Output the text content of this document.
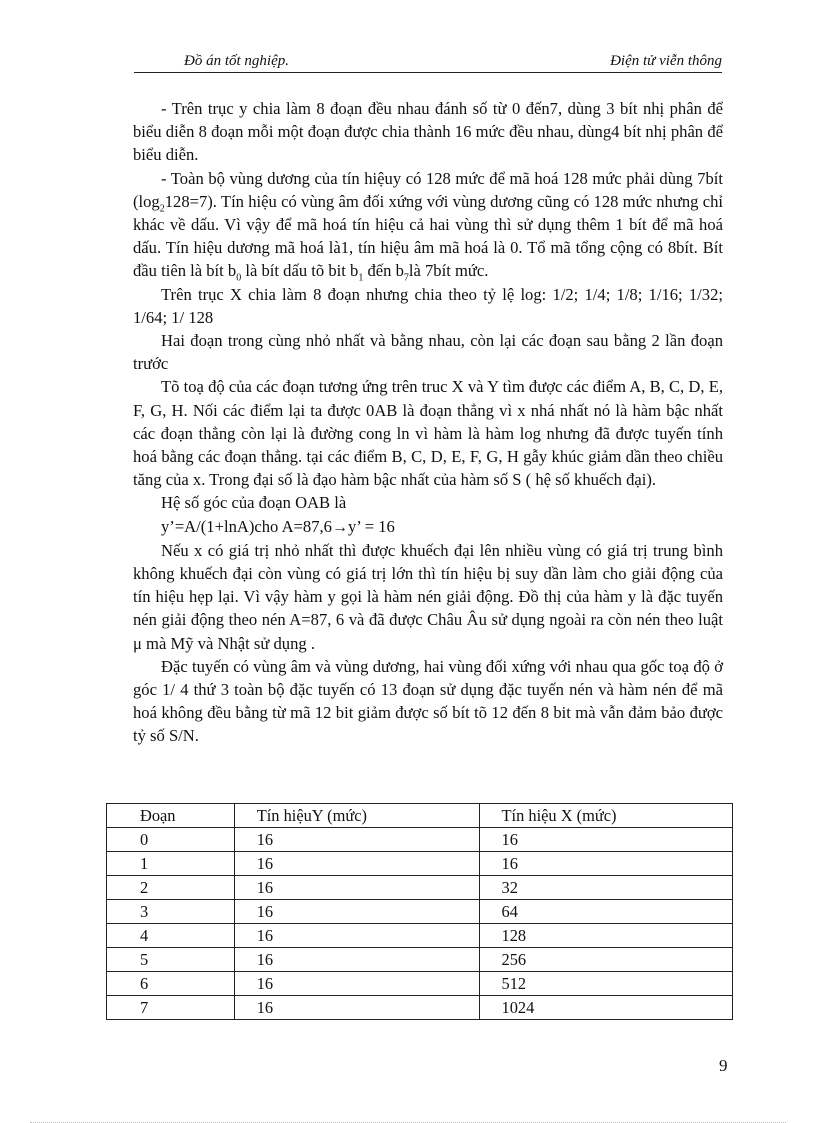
Đồ án tốt nghiệp.	Điện tử viễn thông

- Trên trục y chia làm 8 đoạn đều nhau đánh số từ 0 đến7, dùng 3 bít nhị phân để biểu diễn 8 đoạn mỗi một đoạn được chia thành 16 mức đều nhau, dùng4 bít nhị phân để biểu diễn.

- Toàn bộ vùng dương của tín hiệuy có 128 mức để mã hoá 128 mức phải dùng 7bít $(\log_2128=7)$. Tín hiệu có vùng âm đối xứng với vùng dương cũng có 128 mức nhưng chỉ khác về dấu. Vì vậy để mã hoá tín hiệu cả hai vùng thì sử dụng thêm 1 bít để mã hoá dấu. Tín hiệu dương mã hoá là1, tín hiệu âm mã hoá là 0. Tổ mã tổng cộng có 8bít. Bít đầu tiên là bít $b_0$ là bít dấu tõ bit $b_1$ đến $b_7là$ 7bít mức.

Trên trục X chia làm 8 đoạn nhưng chia theo tỷ lệ log: 1/2; 1/4; 1/8; 1/16; 1/32; 1/64; 1/ 128

Hai đoạn trong cùng nhỏ nhất và bằng nhau, còn lại các đoạn sau bằng 2 lần đoạn trước

Tõ toạ độ của các đoạn tương ứng trên truc X và Y tìm được các điểm A, B, C, D, E, F, G, H. Nối các điểm lại ta được 0AB là đoạn thẳng vì x nhá nhất nó là hàm bậc nhất các đoạn thẳng còn lại là đường cong ln vì hàm là hàm log nhưng đã được tuyến tính hoá bằng các đoạn thẳng. tại các điểm B, C, D, E, F, G, H gẫy khúc giảm dần theo chiều tăng của x. Trong đại số là đạo hàm bậc nhất của hàm số S ( hệ số khuếch đại).

Hệ số góc của đoạn OAB là

y’=A/(1+lnA)cho A=87,6→y’ = 16

Nếu x có giá trị nhỏ nhất thì được khuếch đại lên nhiều vùng có giá trị trung bình không khuếch đại còn vùng có giá trị lớn thì tín hiệu bị suy dần làm cho giải động của tín hiệu hẹp lại. Vì vậy hàm y gọi là hàm nén giải động. Đồ thị của hàm y là đặc tuyến nén giải động theo nén A=87, 6 và đã được Châu Âu sử dụng ngoài ra còn nén theo luật μ mà Mỹ và Nhật sử dụng .

Đặc tuyến có vùng âm và vùng dương, hai vùng đối xứng với nhau qua gốc toạ độ ở góc 1/ 4 thứ 3 toàn bộ đặc tuyến có 13 đoạn sử dụng đặc tuyến nén và hàm nén để mã hoá không đều bằng từ mã 12 bit giảm được số bít tõ 12 đến 8 bit mà vẫn đảm bảo được tỷ số S/N.

Đoạn	Tín hiệuY (mức)	Tín hiệu X (mức)
0	16	16
1	16	16
2	16	32
3	16	64
4	16	128
5	16	256
6	16	512
7	16	1024
9
